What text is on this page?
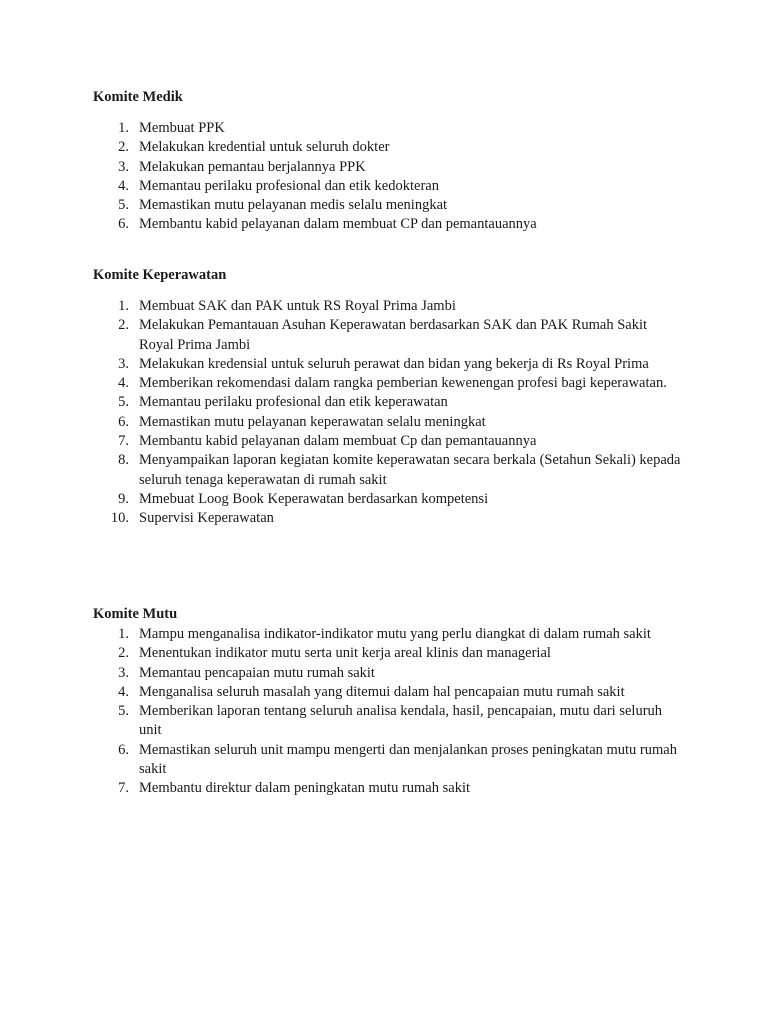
Komite Medik
1. Membuat PPK
2. Melakukan kredential untuk seluruh dokter
3. Melakukan pemantau berjalannya PPK
4. Memantau perilaku profesional dan etik kedokteran
5. Memastikan mutu pelayanan medis selalu meningkat
6. Membantu kabid pelayanan dalam membuat CP dan pemantauannya
Komite Keperawatan
1. Membuat SAK dan PAK untuk RS Royal Prima Jambi
2. Melakukan Pemantauan Asuhan Keperawatan berdasarkan SAK dan PAK Rumah Sakit Royal Prima Jambi
3. Melakukan kredensial untuk seluruh perawat dan bidan yang bekerja di Rs Royal Prima
4. Memberikan rekomendasi dalam rangka pemberian kewenengan profesi bagi keperawatan.
5. Memantau perilaku profesional dan etik keperawatan
6. Memastikan mutu pelayanan keperawatan selalu meningkat
7. Membantu kabid pelayanan dalam membuat Cp dan pemantauannya
8. Menyampaikan laporan kegiatan komite keperawatan secara berkala (Setahun Sekali) kepada seluruh tenaga keperawatan di rumah sakit
9. Mmebuat Loog Book Keperawatan berdasarkan kompetensi
10. Supervisi Keperawatan
Komite Mutu
1. Mampu menganalisa indikator-indikator mutu yang perlu diangkat di dalam rumah sakit
2. Menentukan indikator mutu serta unit kerja areal klinis dan managerial
3. Memantau pencapaian mutu rumah sakit
4. Menganalisa seluruh masalah yang ditemui dalam hal pencapaian mutu rumah sakit
5. Memberikan laporan tentang seluruh analisa kendala, hasil, pencapaian, mutu dari seluruh unit
6. Memastikan seluruh unit mampu mengerti dan menjalankan proses peningkatan mutu rumah sakit
7. Membantu direktur dalam peningkatan mutu rumah sakit
